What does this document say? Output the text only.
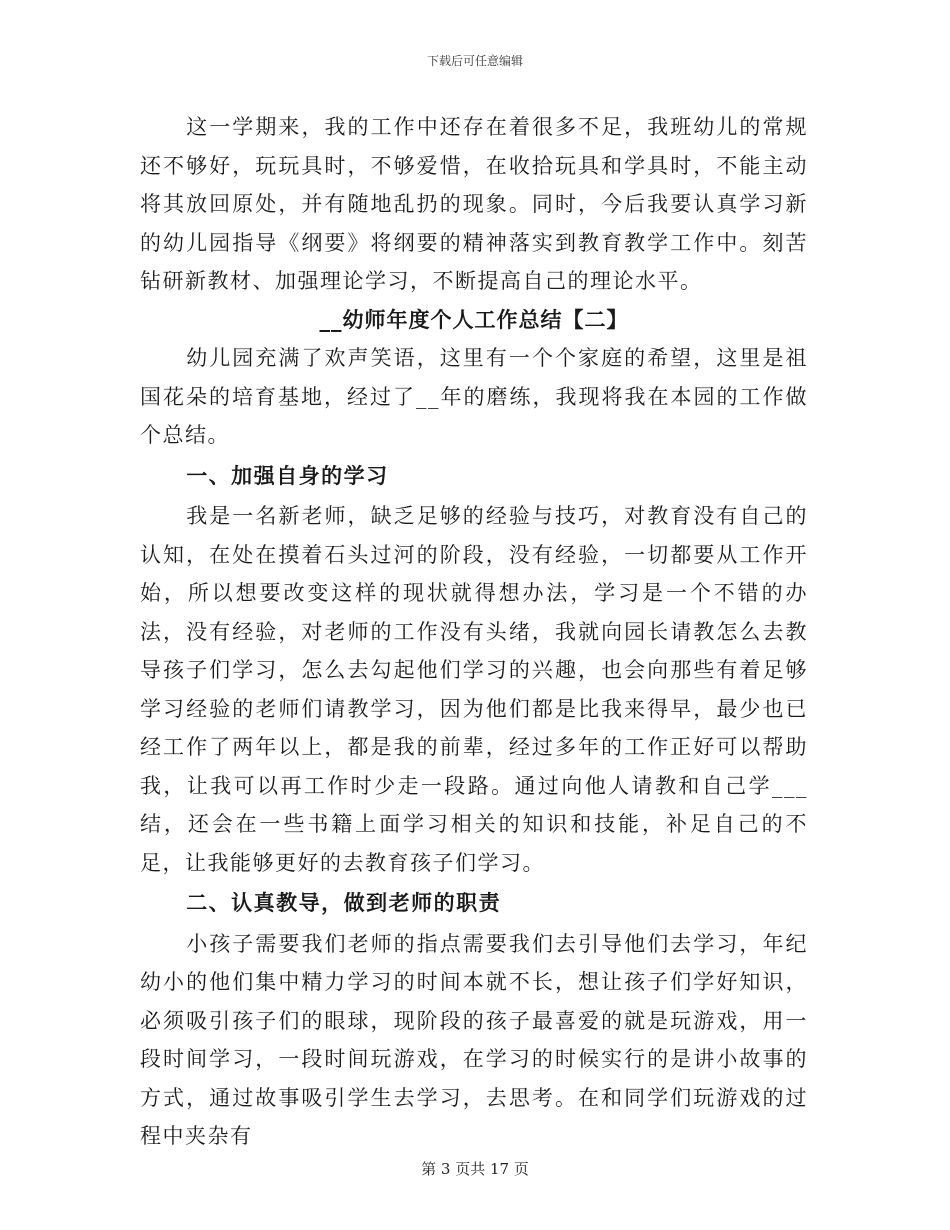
下载后可任意编辑

这一学期来，我的工作中还存在着很多不足，我班幼儿的常规还不够好，玩玩具时，不够爱惜，在收拾玩具和学具时，不能主动将其放回原处，并有随地乱扔的现象。同时，今后我要认真学习新的幼儿园指导《纲要》将纲要的精神落实到教育教学工作中。刻苦钻研新教材、加强理论学习，不断提高自己的理论水平。

__幼师年度个人工作总结【二】

幼儿园充满了欢声笑语，这里有一个个家庭的希望，这里是祖国花朵的培育基地，经过了__年的磨练，我现将我在本园的工作做个总结。

一、加强自身的学习

我是一名新老师，缺乏足够的经验与技巧，对教育没有自己的认知，在处在摸着石头过河的阶段，没有经验，一切都要从工作开始，所以想要改变这样的现状就得想办法，学习是一个不错的办法，没有经验，对老师的工作没有头绪，我就向园长请教怎么去教导孩子们学习，怎么去勾起他们学习的兴趣，也会向那些有着足够学习经验的老师们请教学习，因为他们都是比我来得早，最少也已经工作了两年以上，都是我的前辈，经过多年的工作正好可以帮助我，让我可以再工作时少走一段路。通过向他人请教和自己学___结，还会在一些书籍上面学习相关的知识和技能，补足自己的不足，让我能够更好的去教育孩子们学习。

二、认真教导，做到老师的职责

小孩子需要我们老师的指点需要我们去引导他们去学习，年纪幼小的他们集中精力学习的时间本就不长，想让孩子们学好知识，必须吸引孩子们的眼球，现阶段的孩子最喜爱的就是玩游戏，用一段时间学习，一段时间玩游戏，在学习的时候实行的是讲小故事的方式，通过故事吸引学生去学习，去思考。在和同学们玩游戏的过程中夹杂有

第 3 页共 17 页
